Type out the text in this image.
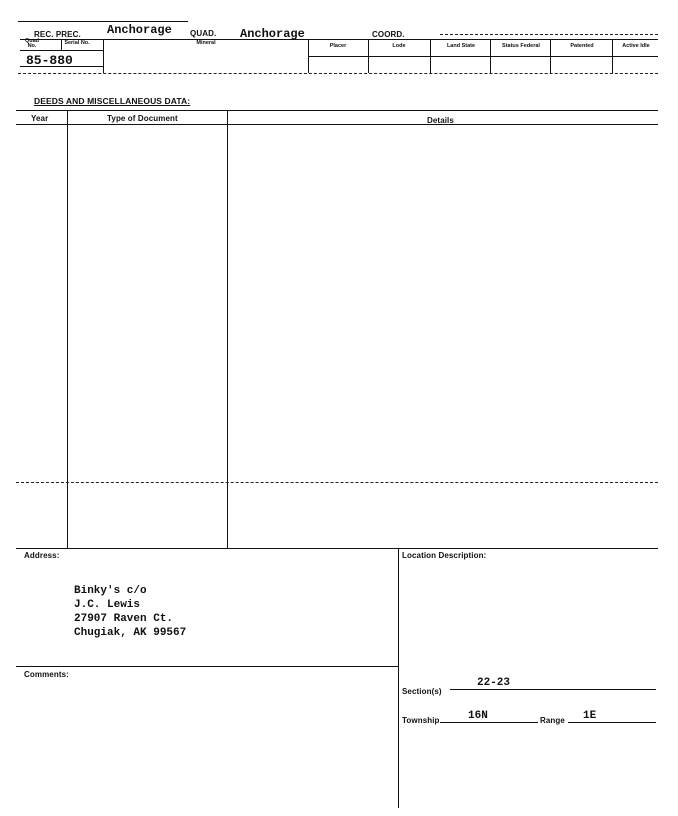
REC. PREC. Anchorage QUAD. Anchorage	COORD.
Quad No.	Serial No.	Mineral	Placer	Lode	Land State	Status Federal	Patented	Active Idle
85-880
DEEDS AND MISCELLANEOUS DATA:
Year	Type of Document	Details
Address:
Binky's c/o
J.C. Lewis
27907 Raven Ct.
Chugiak, AK 99567
Comments:
Location Description:
Section(s)
22-23
Township	16N	Range 1E
